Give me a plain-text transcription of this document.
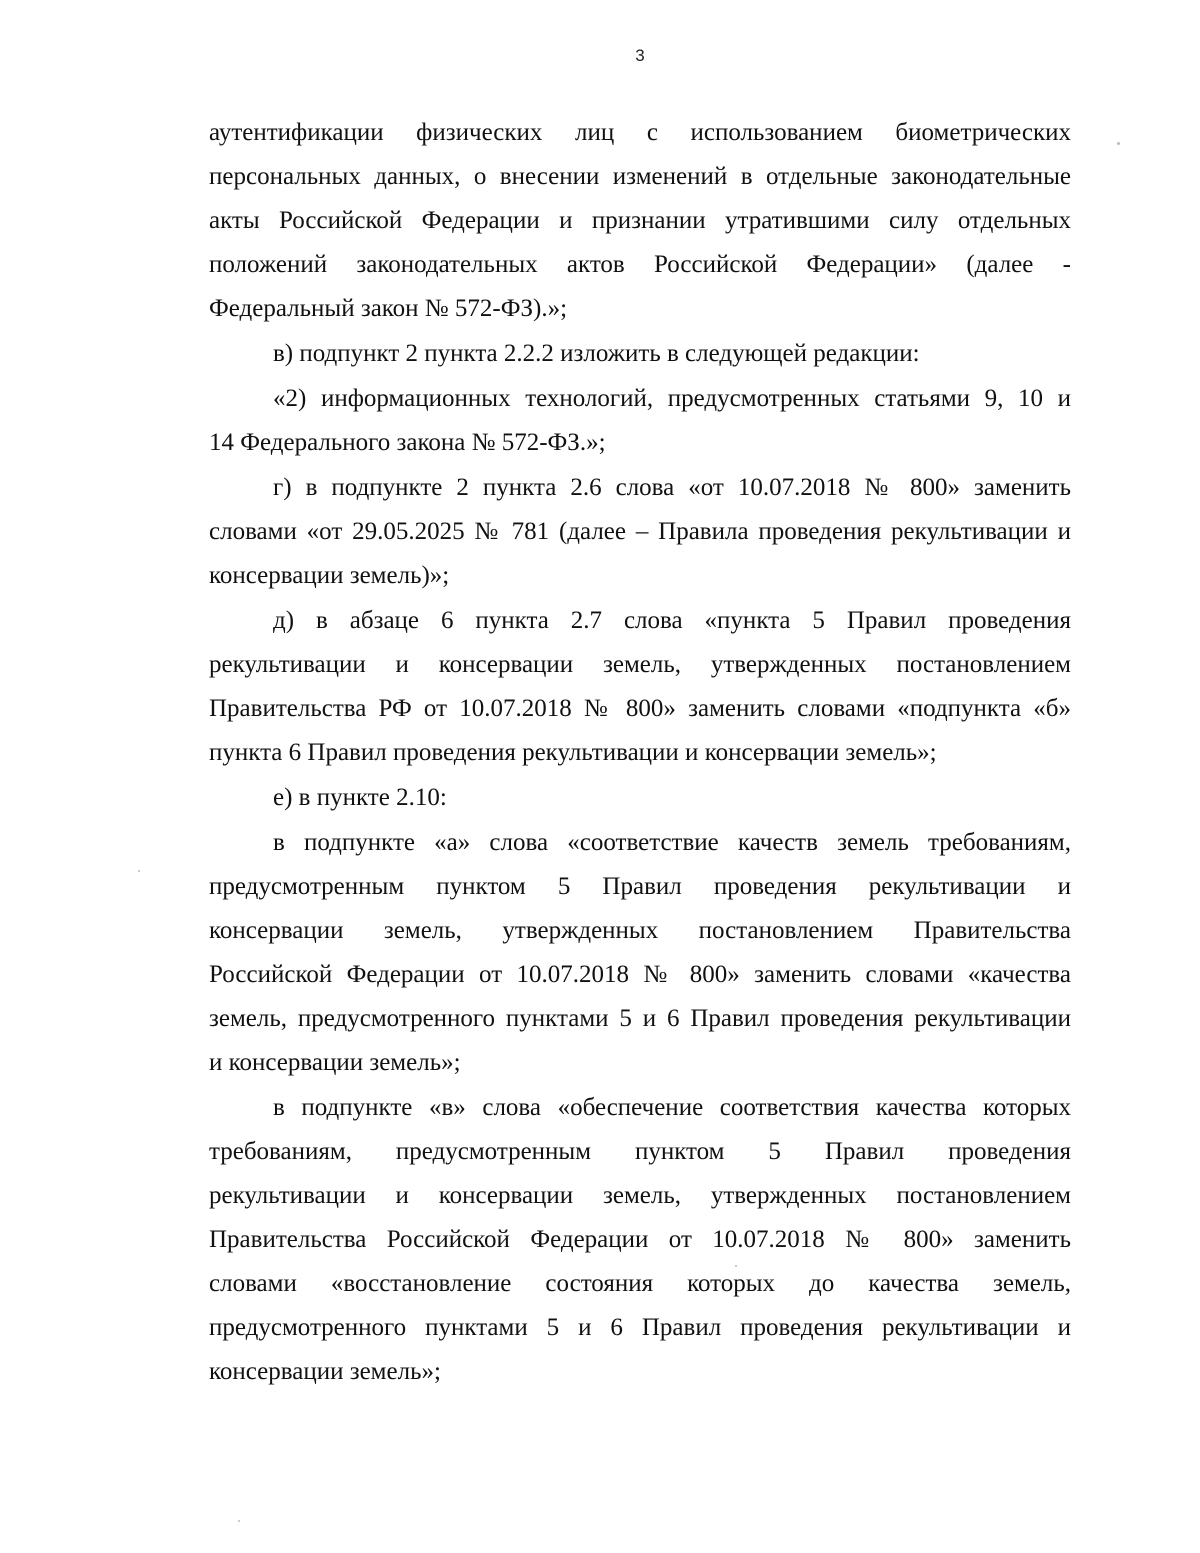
3
аутентификации физических лиц с использованием биометрических
персональных данных, о внесении изменений в отдельные законодательные
акты Российской Федерации и признании утратившими силу отдельных
положений законодательных актов Российской Федерации» (далее -
Федеральный закон № 572-ФЗ).»;
в) подпункт 2 пункта 2.2.2 изложить в следующей редакции:
«2) информационных технологий, предусмотренных статьями 9, 10 и
14 Федерального закона № 572-ФЗ.»;
г) в подпункте 2 пункта 2.6 слова «от 10.07.2018 № 800» заменить
словами «от 29.05.2025 № 781 (далее – Правила проведения рекультивации и
консервации земель)»;
д) в абзаце 6 пункта 2.7 слова «пункта 5 Правил проведения
рекультивации и консервации земель, утвержденных постановлением
Правительства РФ от 10.07.2018 № 800» заменить словами «подпункта «б»
пункта 6 Правил проведения рекультивации и консервации земель»;
е) в пункте 2.10:
в подпункте «а» слова «соответствие качеств земель требованиям,
предусмотренным пунктом 5 Правил проведения рекультивации и
консервации земель, утвержденных постановлением Правительства
Российской Федерации от 10.07.2018 № 800» заменить словами «качества
земель, предусмотренного пунктами 5 и 6 Правил проведения рекультивации
и консервации земель»;
в подпункте «в» слова «обеспечение соответствия качества которых
требованиям, предусмотренным пунктом 5 Правил проведения
рекультивации и консервации земель, утвержденных постановлением
Правительства Российской Федерации от 10.07.2018 № 800» заменить
словами «восстановление состояния которых до качества земель,
предусмотренного пунктами 5 и 6 Правил проведения рекультивации и
консервации земель»;
